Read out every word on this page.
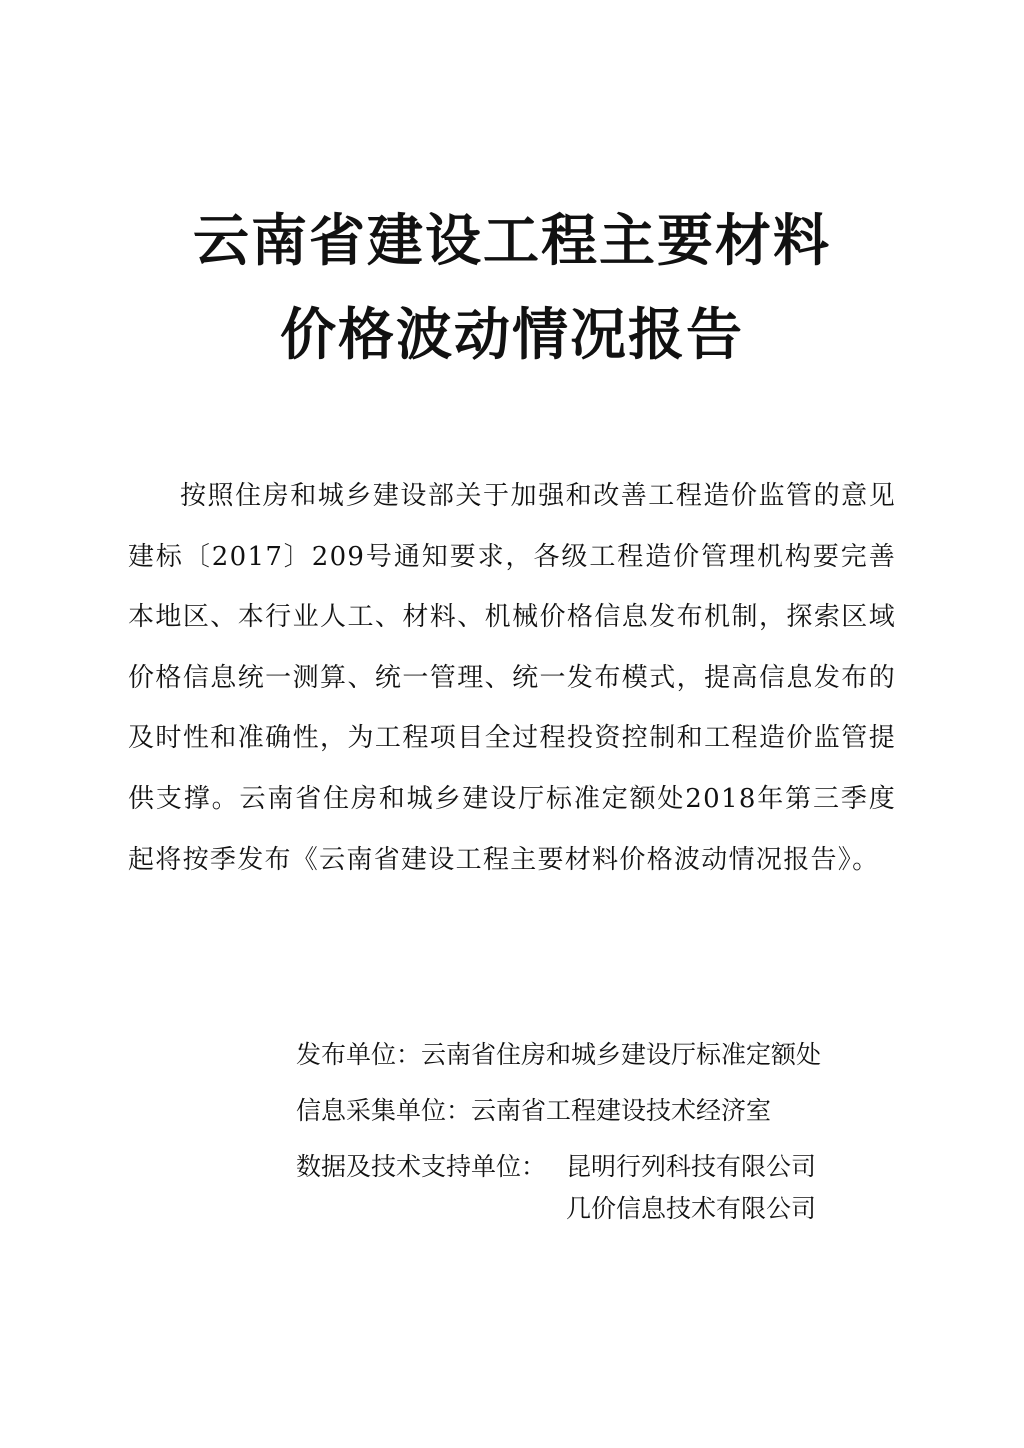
云南省建设工程主要材料
价格波动情况报告

按照住房和城乡建设部关于加强和改善工程造价监管的意见建标〔2017〕209号通知要求，各级工程造价管理机构要完善本地区、本行业人工、材料、机械价格信息发布机制，探索区域价格信息统一测算、统一管理、统一发布模式，提高信息发布的及时性和准确性，为工程项目全过程投资控制和工程造价监管提供支撑。云南省住房和城乡建设厅标准定额处2018年第三季度起将按季发布《云南省建设工程主要材料价格波动情况报告》。

发布单位：云南省住房和城乡建设厅标准定额处
信息采集单位：云南省工程建设技术经济室
数据及技术支持单位： 昆明行列科技有限公司
几价信息技术有限公司
